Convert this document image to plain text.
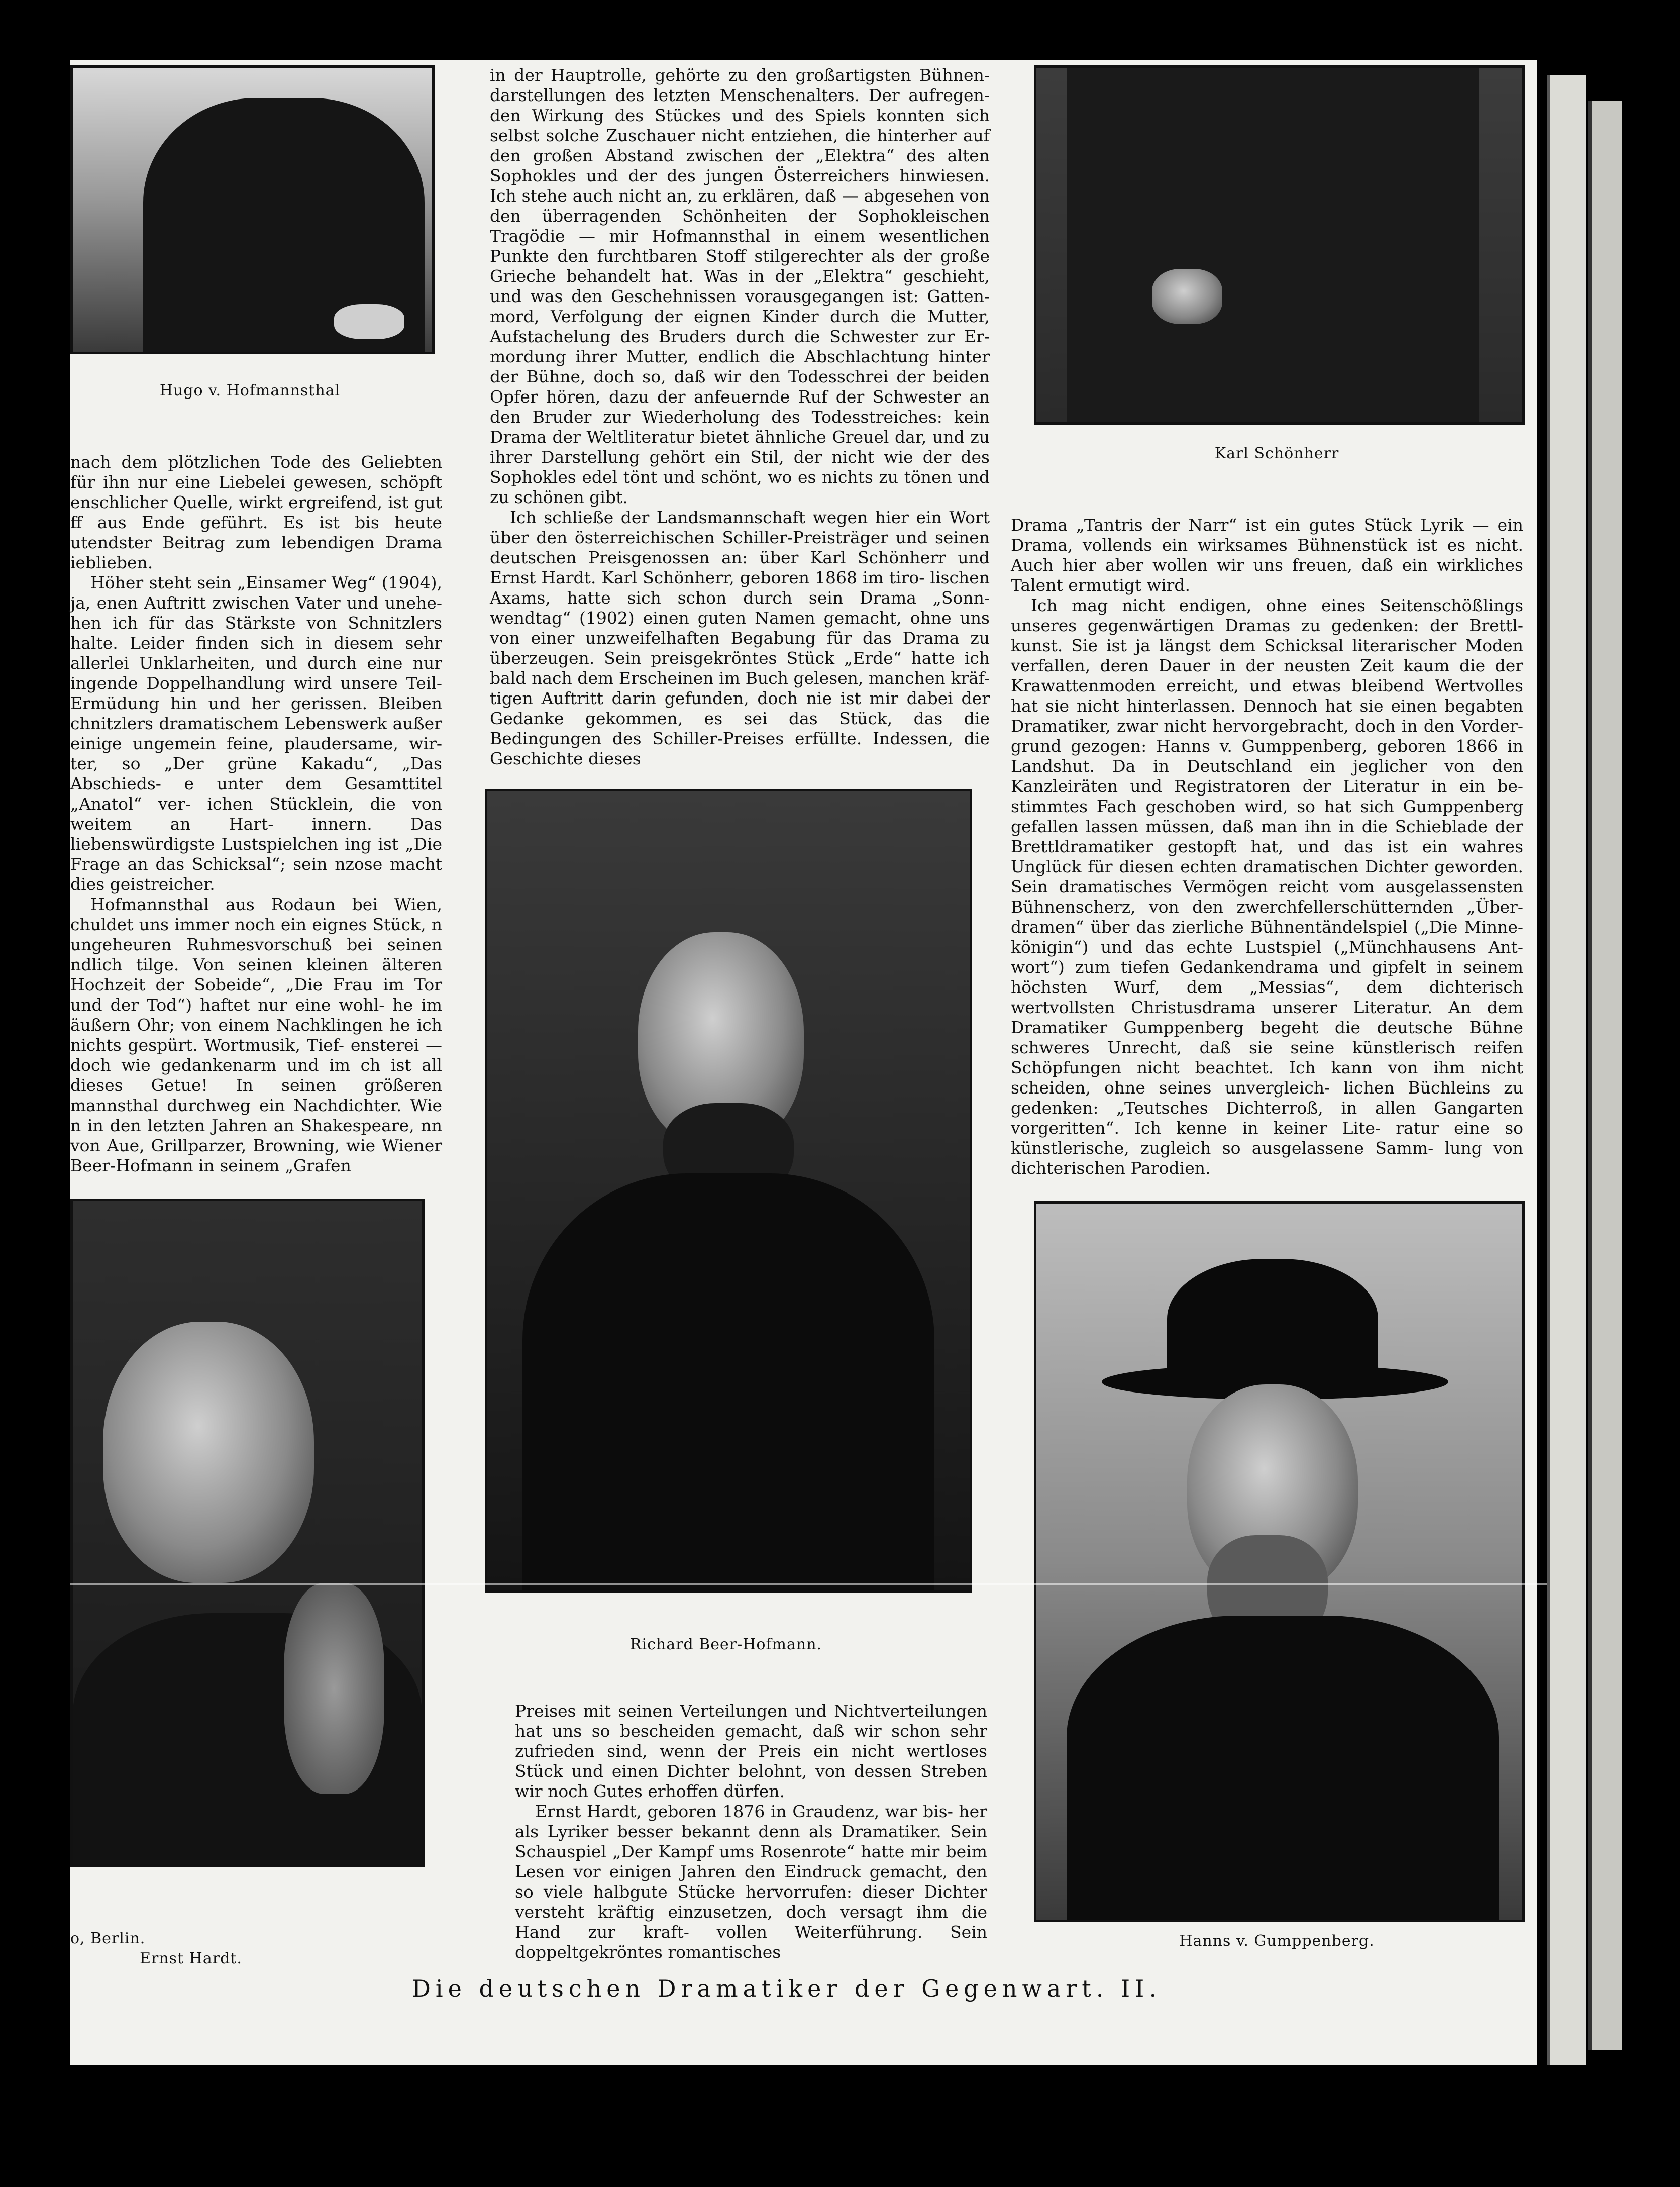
Hugo v. Hofmannsthal
Karl Schönherr

nach dem plötzlichen Tode des Geliebten für ihn nur eine Liebelei gewesen, schöpft enschlicher Quelle, wirkt ergreifend, ist gut ff aus Ende geführt. Es ist bis heute utendster Beitrag zum lebendigen Drama ieblieben.

Höher steht sein „Einsamer Weg“ (1904), ja, enen Auftritt zwischen Vater und unehe- hen ich für das Stärkste von Schnitzlers halte. Leider finden sich in diesem sehr allerlei Unklarheiten, und durch eine nur ingende Doppelhandlung wird unsere Teil- Ermüdung hin und her gerissen. Bleiben chnitzlers dramatischem Lebenswerk außer einige ungemein feine, plaudersame, wir- ter, so „Der grüne Kakadu“, „Das Abschieds- e unter dem Gesamttitel „Anatol“ ver- ichen Stücklein, die von weitem an Hart- innern. Das liebenswürdigste Lustspielchen ing ist „Die Frage an das Schicksal“; sein nzose macht dies geistreicher.

Hofmannsthal aus Rodaun bei Wien, chuldet uns immer noch ein eignes Stück, n ungeheuren Ruhmesvorschuß bei seinen ndlich tilge. Von seinen kleinen älteren Hochzeit der Sobeide“, „Die Frau im Tor und der Tod“) haftet nur eine wohl- he im äußern Ohr; von einem Nachklingen he ich nichts gespürt. Wortmusik, Tief- ensterei — doch wie gedankenarm und im ch ist all dieses Getue! In seinen größeren mannsthal durchweg ein Nachdichter. Wie n in den letzten Jahren an Shakespeare, nn von Aue, Grillparzer, Browning, wie Wiener Beer-Hofmann in seinem „Grafen

in der Hauptrolle, gehörte zu den großartigsten Bühnen- darstellungen des letzten Menschenalters. Der aufregen- den Wirkung des Stückes und des Spiels konnten sich selbst solche Zuschauer nicht entziehen, die hinterher auf den großen Abstand zwischen der „Elektra“ des alten Sophokles und der des jungen Österreichers hinwiesen. Ich stehe auch nicht an, zu erklären, daß — abgesehen von den überragenden Schönheiten der Sophokleischen Tragödie — mir Hofmannsthal in einem wesentlichen Punkte den furchtbaren Stoff stilgerechter als der große Grieche behandelt hat. Was in der „Elektra“ geschieht, und was den Geschehnissen vorausgegangen ist: Gatten- mord, Verfolgung der eignen Kinder durch die Mutter, Aufstachelung des Bruders durch die Schwester zur Er- mordung ihrer Mutter, endlich die Abschlachtung hinter der Bühne, doch so, daß wir den Todesschrei der beiden Opfer hören, dazu der anfeuernde Ruf der Schwester an den Bruder zur Wiederholung des Todesstreiches: kein Drama der Weltliteratur bietet ähnliche Greuel dar, und zu ihrer Darstellung gehört ein Stil, der nicht wie der des Sophokles edel tönt und schönt, wo es nichts zu tönen und zu schönen gibt.

Ich schließe der Landsmannschaft wegen hier ein Wort über den österreichischen Schiller-Preisträger und seinen deutschen Preisgenossen an: über Karl Schönherr und Ernst Hardt. Karl Schönherr, geboren 1868 im tiro- lischen Axams, hatte sich schon durch sein Drama „Sonn- wendtag“ (1902) einen guten Namen gemacht, ohne uns von einer unzweifelhaften Begabung für das Drama zu überzeugen. Sein preisgekröntes Stück „Erde“ hatte ich bald nach dem Erscheinen im Buch gelesen, manchen kräf- tigen Auftritt darin gefunden, doch nie ist mir dabei der Gedanke gekommen, es sei das Stück, das die Bedingungen des Schiller-Preises erfüllte. Indessen, die Geschichte dieses

Drama „Tantris der Narr“ ist ein gutes Stück Lyrik — ein Drama, vollends ein wirksames Bühnenstück ist es nicht. Auch hier aber wollen wir uns freuen, daß ein wirkliches Talent ermutigt wird.

Ich mag nicht endigen, ohne eines Seitenschößlings unseres gegenwärtigen Dramas zu gedenken: der Brettl- kunst. Sie ist ja längst dem Schicksal literarischer Moden verfallen, deren Dauer in der neusten Zeit kaum die der Krawattenmoden erreicht, und etwas bleibend Wertvolles hat sie nicht hinterlassen. Dennoch hat sie einen begabten Dramatiker, zwar nicht hervorgebracht, doch in den Vorder- grund gezogen: Hanns v. Gumppenberg, geboren 1866 in Landshut. Da in Deutschland ein jeglicher von den Kanzleiräten und Registratoren der Literatur in ein be- stimmtes Fach geschoben wird, so hat sich Gumppenberg gefallen lassen müssen, daß man ihn in die Schieblade der Brettldramatiker gestopft hat, und das ist ein wahres Unglück für diesen echten dramatischen Dichter geworden. Sein dramatisches Vermögen reicht vom ausgelassensten Bühnenscherz, von den zwerchfellerschütternden „Über- dramen“ über das zierliche Bühnentändelspiel („Die Minne- königin“) und das echte Lustspiel („Münchhausens Ant- wort“) zum tiefen Gedankendrama und gipfelt in seinem höchsten Wurf, dem „Messias“, dem dichterisch wertvollsten Christusdrama unserer Literatur. An dem Dramatiker Gumppenberg begeht die deutsche Bühne schweres Unrecht, daß sie seine künstlerisch reifen Schöpfungen nicht beachtet. Ich kann von ihm nicht scheiden, ohne seines unvergleich- lichen Büchleins zu gedenken: „Teutsches Dichterroß, in allen Gangarten vorgeritten“. Ich kenne in keiner Lite- ratur eine so künstlerische, zugleich so ausgelassene Samm- lung von dichterischen Parodien.

Richard Beer-Hofmann.

Preises mit seinen Verteilungen und Nichtverteilungen hat uns so bescheiden gemacht, daß wir schon sehr zufrieden sind, wenn der Preis ein nicht wertloses Stück und einen Dichter belohnt, von dessen Streben wir noch Gutes erhoffen dürfen.

Ernst Hardt, geboren 1876 in Graudenz, war bis- her als Lyriker besser bekannt denn als Dramatiker. Sein Schauspiel „Der Kampf ums Rosenrote“ hatte mir beim Lesen vor einigen Jahren den Eindruck gemacht, den so viele halbgute Stücke hervorrufen: dieser Dichter versteht kräftig einzusetzen, doch versagt ihm die Hand zur kraft- vollen Weiterführung. Sein doppeltgekröntes romantisches

o, Berlin.
Ernst Hardt.
Hanns v. Gumppenberg.
Die deutschen Dramatiker der Gegenwart. II.
